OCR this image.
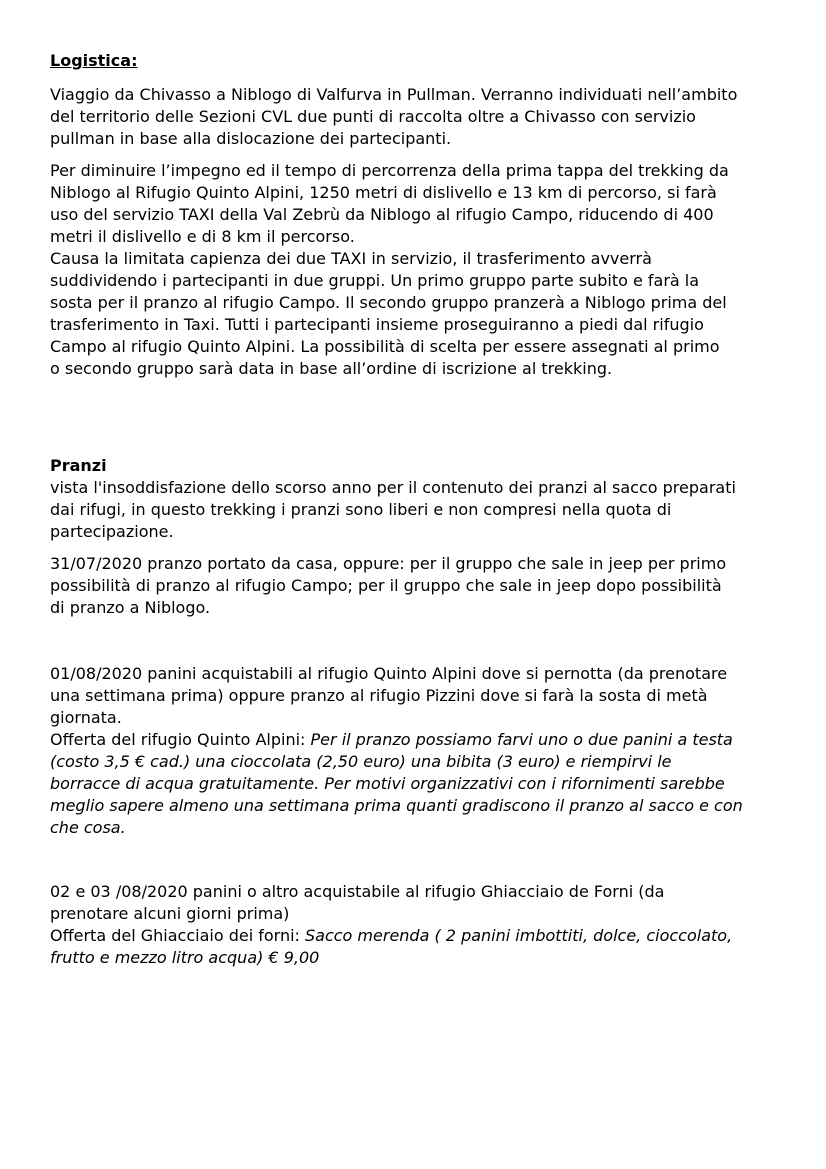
Logistica:
Viaggio da Chivasso a Niblogo di Valfurva in Pullman. Verranno individuati nell’ambito
del territorio delle Sezioni CVL due punti di raccolta oltre a Chivasso con servizio
pullman in base alla dislocazione dei partecipanti.
Per diminuire l’impegno ed il tempo di percorrenza della prima tappa del trekking da
Niblogo al Rifugio Quinto Alpini, 1250 metri di dislivello e 13 km di percorso, si farà
uso del servizio TAXI della Val Zebrù da Niblogo al rifugio Campo, riducendo di 400
metri il dislivello e di 8 km il percorso.
Causa la limitata capienza dei due TAXI in servizio, il trasferimento avverrà
suddividendo i partecipanti in due gruppi. Un primo gruppo parte subito e farà la
sosta per il pranzo al rifugio Campo. Il secondo gruppo pranzerà a Niblogo prima del
trasferimento in Taxi. Tutti i partecipanti insieme proseguiranno a piedi dal rifugio
Campo al rifugio Quinto Alpini. La possibilità di scelta per essere assegnati al primo
o secondo gruppo sarà data in base all’ordine di iscrizione al trekking.
Pranzi
vista l'insoddisfazione dello scorso anno per il contenuto dei pranzi al sacco preparati
dai rifugi, in questo trekking i pranzi sono liberi e non compresi nella quota di
partecipazione.
31/07/2020 pranzo portato da casa, oppure: per il gruppo che sale in jeep per primo
possibilità di pranzo al rifugio Campo; per il gruppo che sale in jeep dopo possibilità
di pranzo a Niblogo.
01/08/2020 panini acquistabili al rifugio Quinto Alpini dove si pernotta (da prenotare
una settimana prima) oppure pranzo al rifugio Pizzini dove si farà la sosta di metà
giornata.
Offerta del rifugio Quinto Alpini: Per il pranzo possiamo farvi uno o due panini a testa
(costo 3,5 € cad.) una cioccolata (2,50 euro) una bibita (3 euro) e riempirvi le
borracce di acqua gratuitamente. Per motivi organizzativi con i rifornimenti sarebbe
meglio sapere almeno una settimana prima quanti gradiscono il pranzo al sacco e con
che cosa.
02 e 03 /08/2020 panini o altro acquistabile al rifugio Ghiacciaio de Forni (da
prenotare alcuni giorni prima)
Offerta del Ghiacciaio dei forni: Sacco merenda ( 2 panini imbottiti, dolce, cioccolato,
frutto e mezzo litro acqua) € 9,00
